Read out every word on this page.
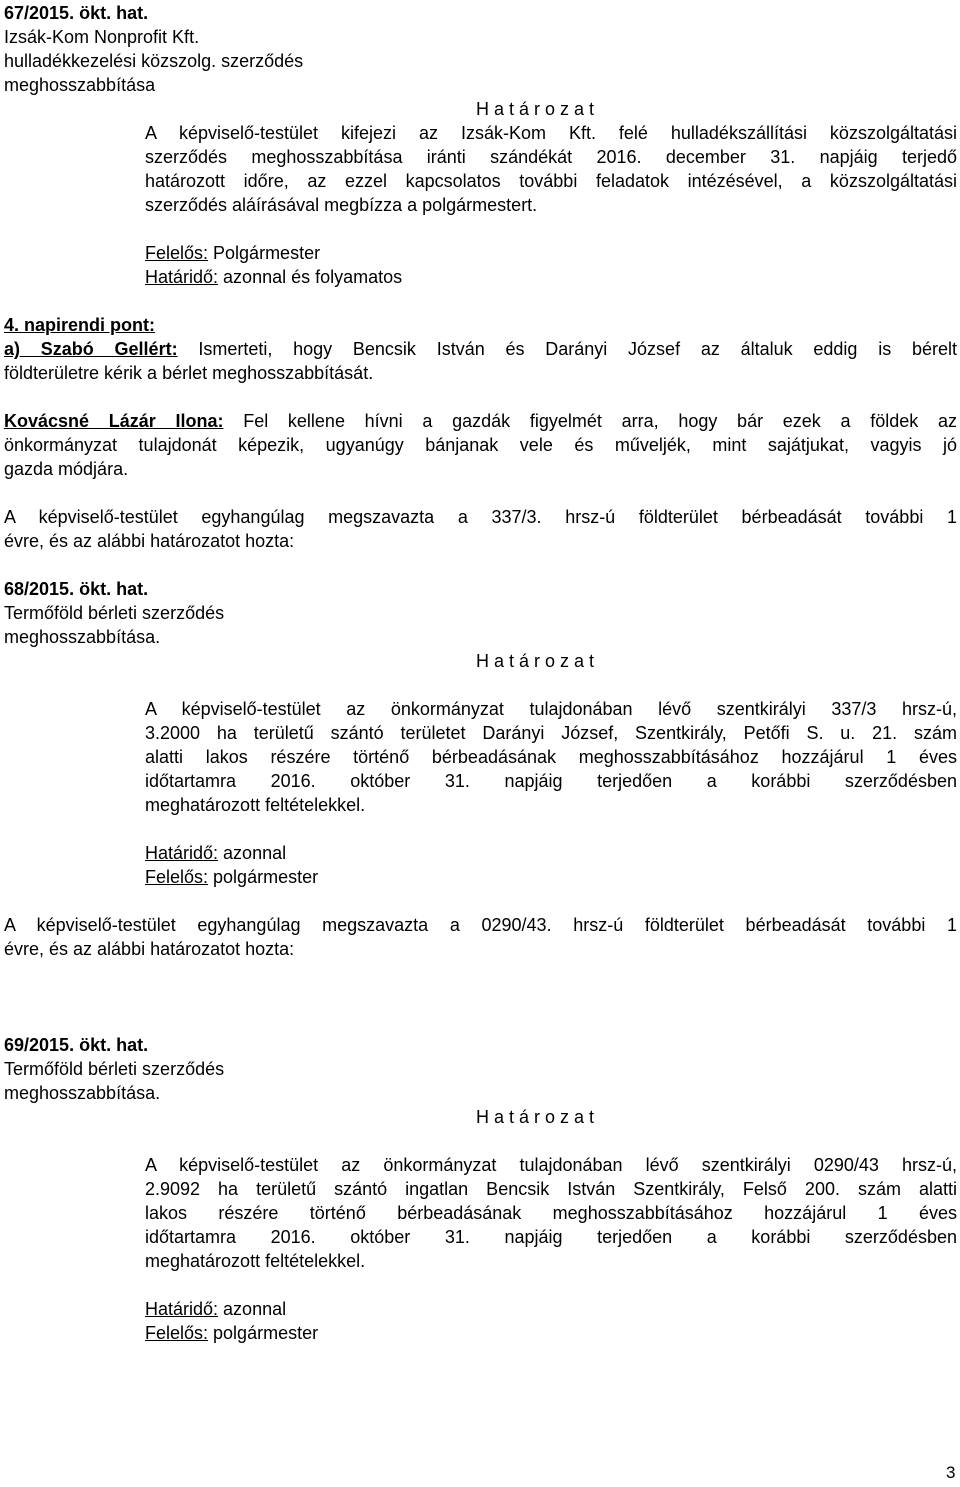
67/2015. ökt. hat.
Izsák-Kom Nonprofit Kft.
hulladékkezelési közszolg. szerződés
meghosszabbítása
H a t á r o z a t
A képviselő-testület kifejezi az Izsák-Kom Kft. felé hulladékszállítási közszolgáltatási
szerződés meghosszabbítása iránti szándékát 2016. december 31. napjáig terjedő
határozott időre, az ezzel kapcsolatos további feladatok intézésével, a közszolgáltatási
szerződés aláírásával megbízza a polgármestert.
Felelős: Polgármester
Határidő: azonnal és folyamatos
4. napirendi pont:
a) Szabó Gellért: Ismerteti, hogy Bencsik István és Darányi József az általuk eddig is bérelt
földterületre kérik a bérlet meghosszabbítását.
Kovácsné Lázár Ilona: Fel kellene hívni a gazdák figyelmét arra, hogy bár ezek a földek az
önkormányzat tulajdonát képezik, ugyanúgy bánjanak vele és műveljék, mint sajátjukat, vagyis jó
gazda módjára.
A képviselő-testület egyhangúlag megszavazta a 337/3. hrsz-ú földterület bérbeadását további 1
évre, és az alábbi határozatot hozta:
68/2015. ökt. hat.
Termőföld bérleti szerződés
meghosszabbítása.
H a t á r o z a t
A képviselő-testület az önkormányzat tulajdonában lévő szentkirályi 337/3 hrsz-ú,
3.2000 ha területű szántó területet Darányi József, Szentkirály, Petőfi S. u. 21. szám
alatti lakos részére történő bérbeadásának meghosszabbításához hozzájárul 1 éves
időtartamra 2016. október 31. napjáig terjedően a korábbi szerződésben
meghatározott feltételekkel.
Határidő: azonnal
Felelős: polgármester
A képviselő-testület egyhangúlag megszavazta a 0290/43. hrsz-ú földterület bérbeadását további 1
évre, és az alábbi határozatot hozta:
69/2015. ökt. hat.
Termőföld bérleti szerződés
meghosszabbítása.
H a t á r o z a t
A képviselő-testület az önkormányzat tulajdonában lévő szentkirályi 0290/43 hrsz-ú,
2.9092 ha területű szántó ingatlan Bencsik István Szentkirály, Felső 200. szám alatti
lakos részére történő bérbeadásának meghosszabbításához hozzájárul 1 éves
időtartamra 2016. október 31. napjáig terjedően a korábbi szerződésben
meghatározott feltételekkel.
Határidő: azonnal
Felelős: polgármester
3
